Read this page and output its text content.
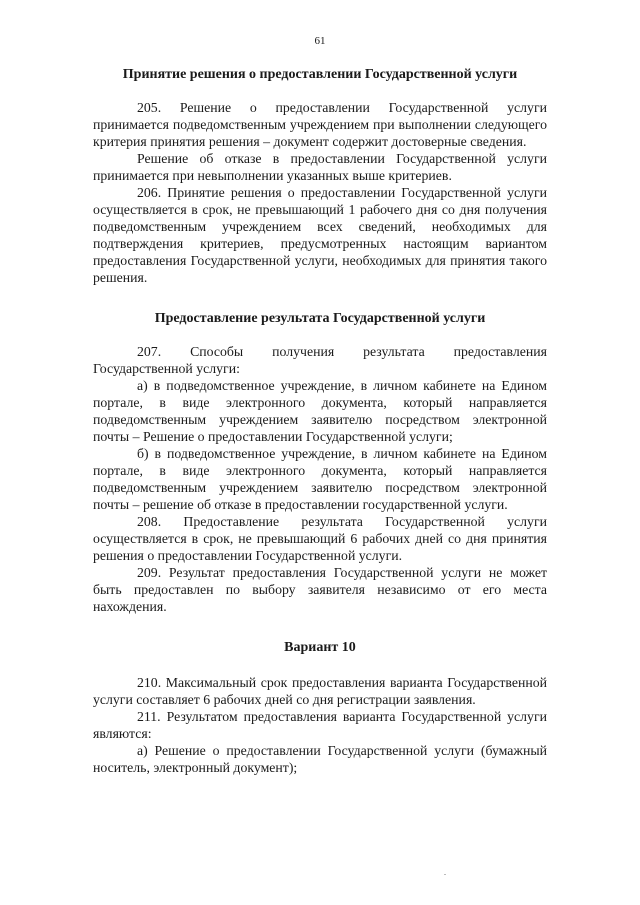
61
Принятие решения о предоставлении Государственной услуги

205. Решение о предоставлении Государственной услуги принимается подведомственным учреждением при выполнении следующего критерия принятия решения – документ содержит достоверные сведения.

Решение об отказе в предоставлении Государственной услуги принимается при невыполнении указанных выше критериев.

206. Принятие решения о предоставлении Государственной услуги осуществляется в срок, не превышающий 1 рабочего дня со дня получения подведомственным учреждением всех сведений, необходимых для подтверждения критериев, предусмотренных настоящим вариантом предоставления Государственной услуги, необходимых для принятия такого решения.

Предоставление результата Государственной услуги

207. Способы получения результата предоставления Государственной услуги:

а) в подведомственное учреждение, в личном кабинете на Едином портале, в виде электронного документа, который направляется подведомственным учреждением заявителю посредством электронной почты – Решение о предоставлении Государственной услуги;

б) в подведомственное учреждение, в личном кабинете на Едином портале, в виде электронного документа, который направляется подведомственным учреждением заявителю посредством электронной почты – решение об отказе в предоставлении государственной услуги.

208. Предоставление результата Государственной услуги осуществляется в срок, не превышающий 6 рабочих дней со дня принятия решения о предоставлении Государственной услуги.

209. Результат предоставления Государственной услуги не может быть предоставлен по выбору заявителя независимо от его места нахождения.

Вариант 10

210. Максимальный срок предоставления варианта Государственной услуги составляет 6 рабочих дней со дня регистрации заявления.

211. Результатом предоставления варианта Государственной услуги являются:

а) Решение о предоставлении Государственной услуги (бумажный носитель, электронный документ);
